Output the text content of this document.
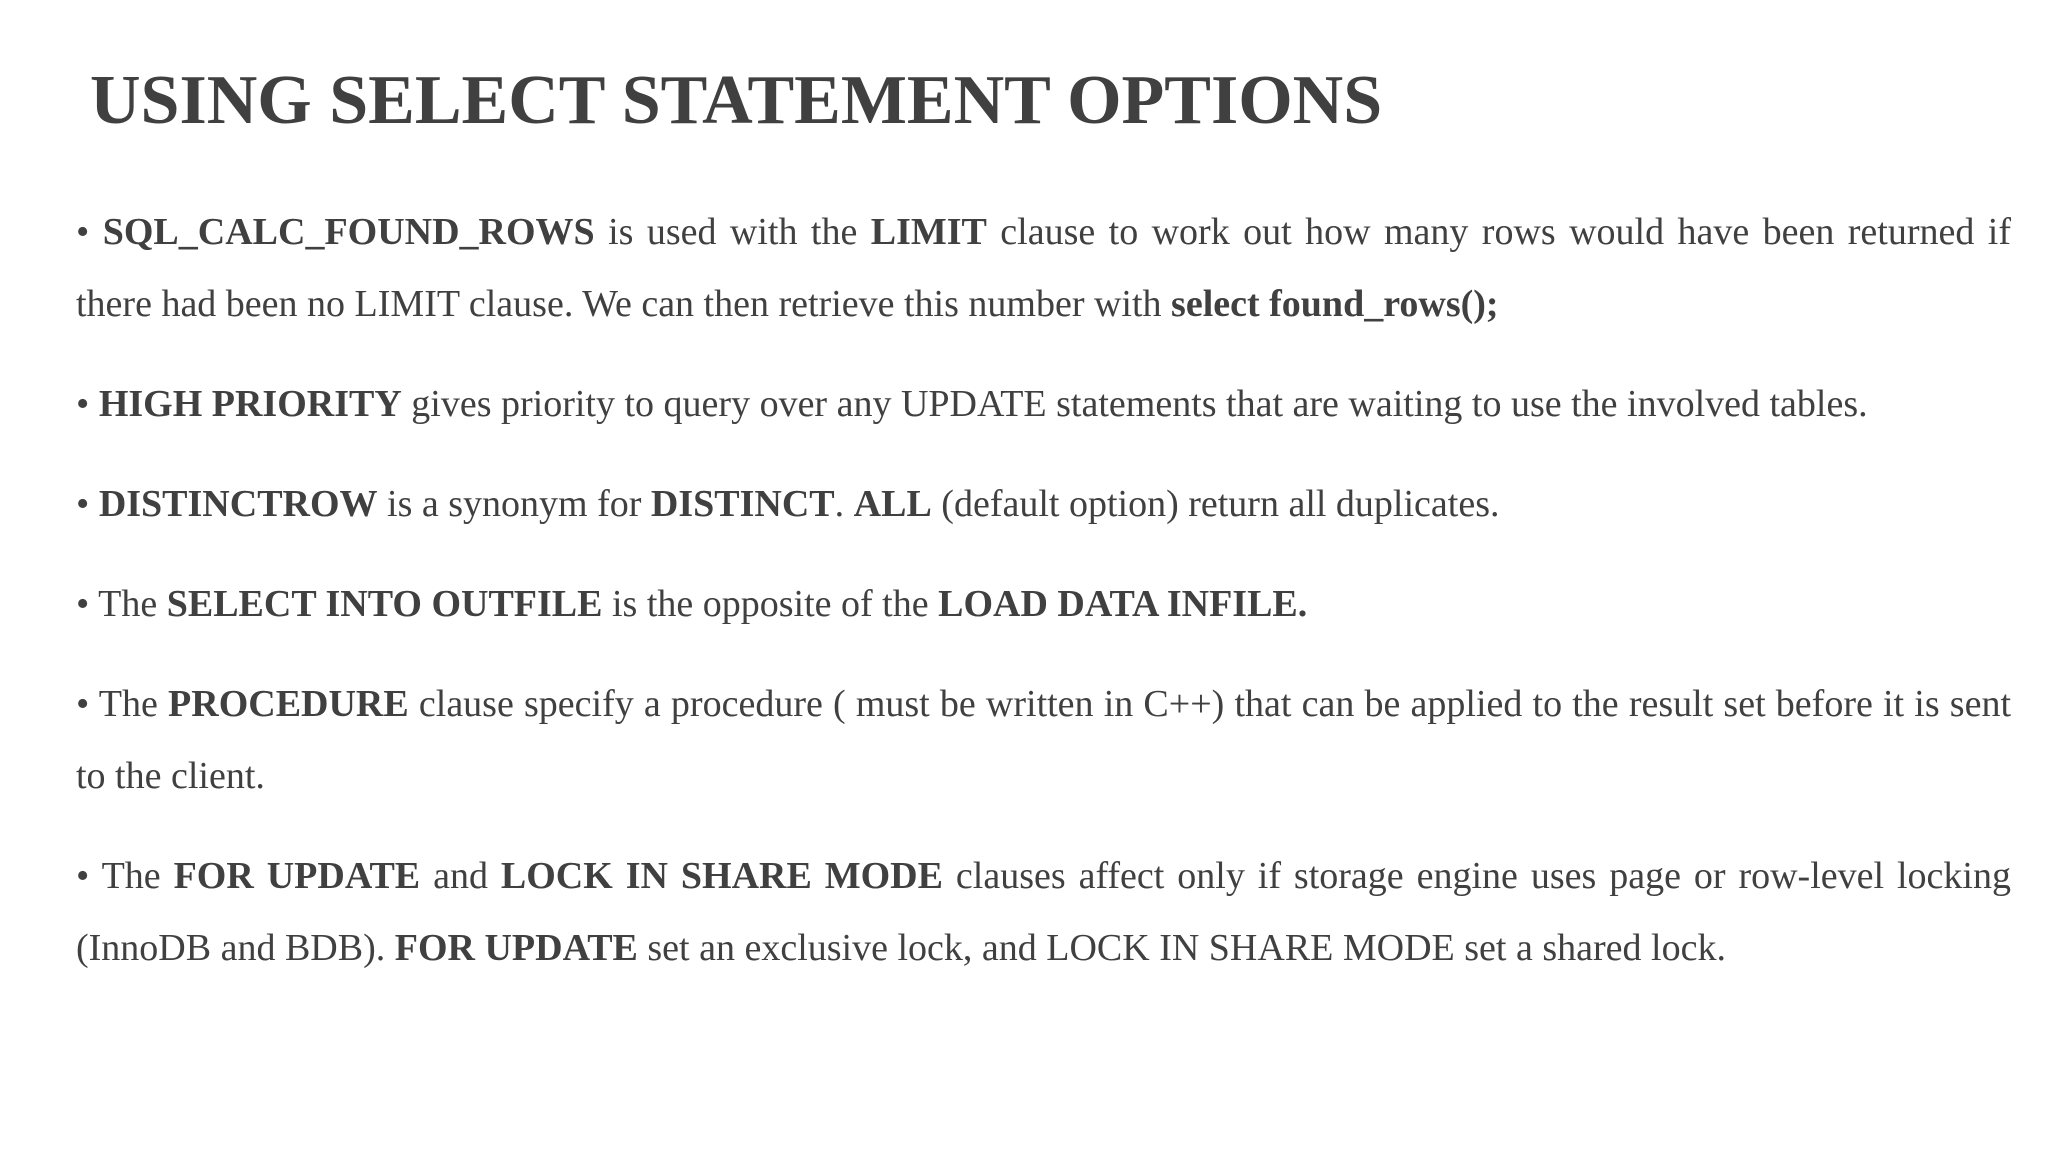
USING SELECT STATEMENT OPTIONS

• SQL_CALC_FOUND_ROWS is used with the LIMIT clause to work out how many rows would have been returned if there had been no LIMIT clause. We can then retrieve this number with select found_rows();

• HIGH PRIORITY gives priority to query over any UPDATE statements that are waiting to use the involved tables.

• DISTINCTROW is a synonym for DISTINCT. ALL (default option) return all duplicates.

• The SELECT INTO OUTFILE is the opposite of the LOAD DATA INFILE.

• The PROCEDURE clause specify a procedure ( must be written in C++) that can be applied to the result set before it is sent to the client.

• The FOR UPDATE and LOCK IN SHARE MODE clauses affect only if storage engine uses page or row-level locking (InnoDB and BDB). FOR UPDATE set an exclusive lock, and LOCK IN SHARE MODE set a shared lock.
